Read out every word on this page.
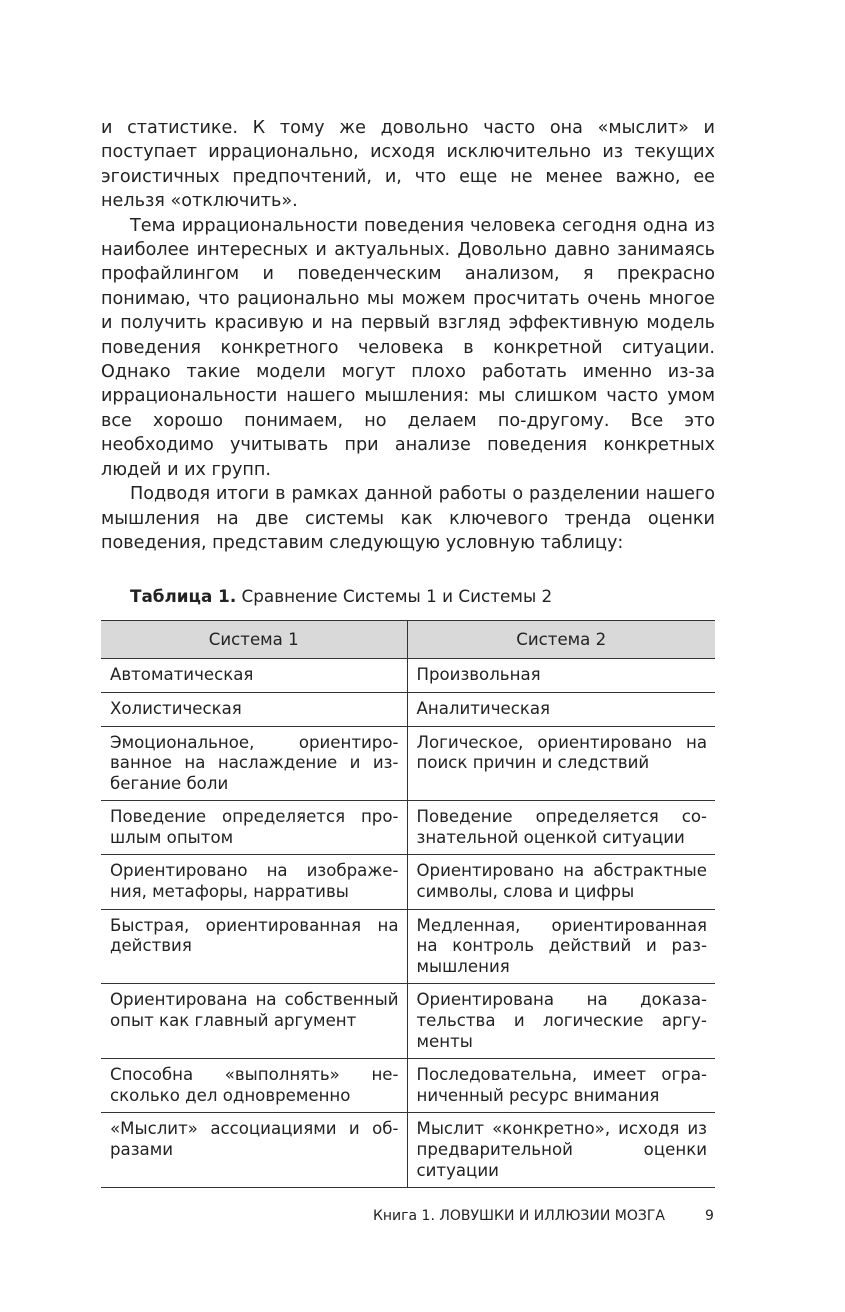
и статистике. К тому же довольно часто она «мыслит» и поступает иррационально, исходя исключительно из текущих эгоистичных предпочтений, и, что еще не менее важно, ее нельзя «отключить».

Тема иррациональности поведения человека сегодня одна из наиболее интересных и актуальных. Довольно давно занимаясь профайлингом и поведенческим анализом, я прекрасно понимаю, что рационально мы можем просчитать очень многое и получить красивую и на первый взгляд эффективную модель поведения конкретного человека в конкретной ситуации. Однако такие модели могут плохо работать именно из-за иррациональности нашего мышления: мы слишком часто умом все хорошо понимаем, но делаем по-другому. Все это необходимо учитывать при анализе поведения конкретных людей и их групп.

Подводя итоги в рамках данной работы о разделении нашего мышления на две системы как ключевого тренда оценки поведения, представим следующую условную таблицу:

Таблица 1. Сравнение Системы 1 и Системы 2
Система 1	Система 2
Автоматическая	Произвольная
Холистическая	Аналитическая
Эмоциональное, ориентированное на наслаждение и избегание боли	Логическое, ориентировано на поиск причин и следствий
Поведение определяется прошлым опытом	Поведение определяется сознательной оценкой ситуации
Ориентировано на изображения, метафоры, нарративы	Ориентировано на абстрактные символы, слова и цифры
Быстрая, ориентированная на действия	Медленная, ориентированная на контроль действий и размышления
Ориентирована на собственный опыт как главный аргумент	Ориентирована на доказательства и логические аргументы
Способна «выполнять» несколько дел одновременно	Последовательна, имеет ограниченный ресурс внимания
«Мыслит» ассоциациями и образами	Мыслит «конкретно», исходя из предварительной оценки ситуации
Книга 1. ЛОВУШКИ И ИЛЛЮЗИИ МОЗГА	9
